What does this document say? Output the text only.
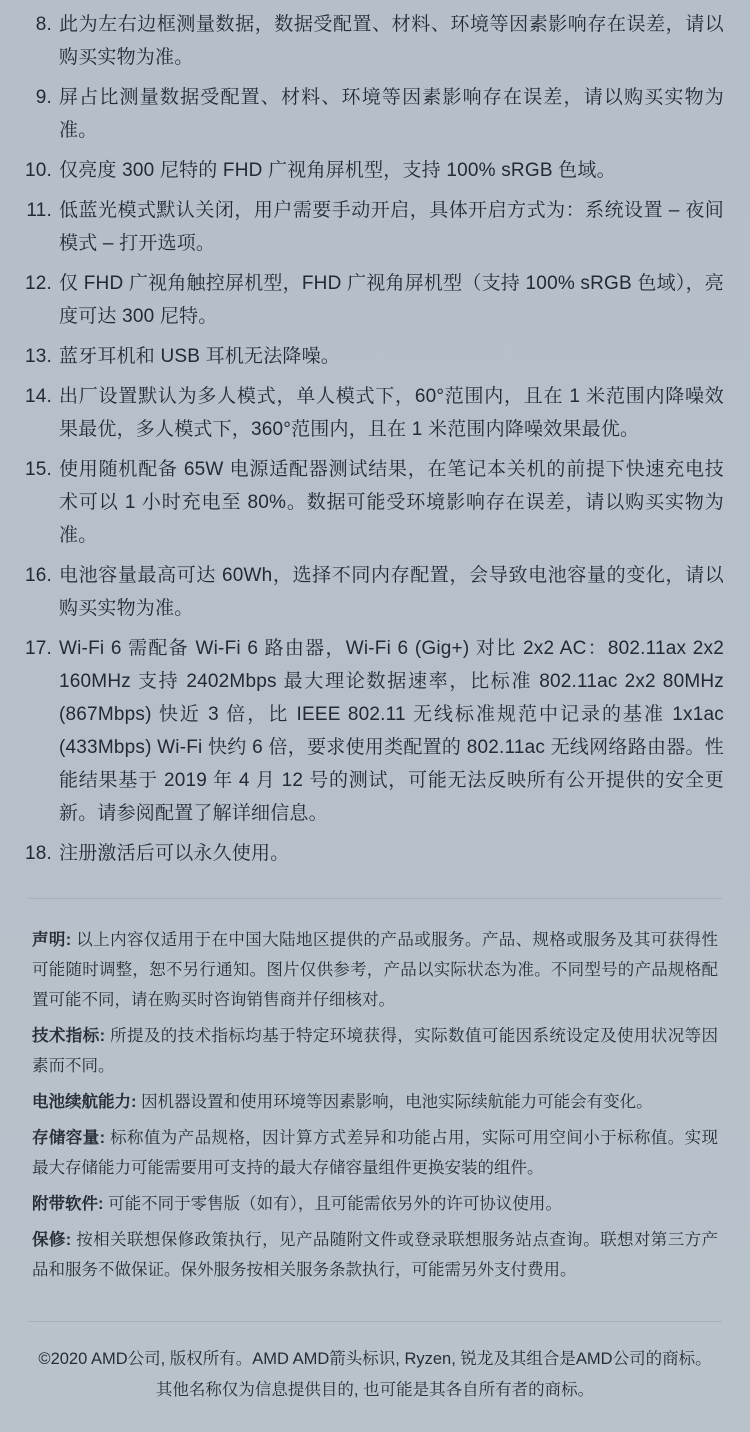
8. 此为左右边框测量数据，数据受配置、材料、环境等因素影响存在误差，请以购买实物为准。
9. 屏占比测量数据受配置、材料、环境等因素影响存在误差，请以购买实物为准。
10. 仅亮度 300 尼特的 FHD 广视角屏机型，支持 100% sRGB 色域。
11. 低蓝光模式默认关闭，用户需要手动开启，具体开启方式为：系统设置 – 夜间模式 – 打开选项。
12. 仅 FHD 广视角触控屏机型，FHD 广视角屏机型（支持 100% sRGB 色域），亮度可达 300 尼特。
13. 蓝牙耳机和 USB 耳机无法降噪。
14. 出厂设置默认为多人模式，单人模式下，60°范围内，且在 1 米范围内降噪效果最优，多人模式下，360°范围内，且在 1 米范围内降噪效果最优。
15. 使用随机配备 65W 电源适配器测试结果，在笔记本关机的前提下快速充电技术可以 1 小时充电至 80%。数据可能受环境影响存在误差，请以购买实物为准。
16. 电池容量最高可达 60Wh，选择不同内存配置，会导致电池容量的变化，请以购买实物为准。
17. Wi-Fi 6 需配备 Wi-Fi 6 路由器，Wi-Fi 6 (Gig+) 对比 2x2 AC：802.11ax 2x2 160MHz 支持 2402Mbps 最大理论数据速率，比标准 802.11ac 2x2 80MHz (867Mbps) 快近 3 倍，比 IEEE 802.11 无线标准规范中记录的基准 1x1ac (433Mbps) Wi-Fi 快约 6 倍，要求使用类配置的 802.11ac 无线网络路由器。性能结果基于 2019 年 4 月 12 号的测试，可能无法反映所有公开提供的安全更新。请参阅配置了解详细信息。
18. 注册激活后可以永久使用。
声明: 以上内容仅适用于在中国大陆地区提供的产品或服务。产品、规格或服务及其可获得性可能随时调整，恕不另行通知。图片仅供参考，产品以实际状态为准。不同型号的产品规格配置可能不同，请在购买时咨询销售商并仔细核对。
技术指标: 所提及的技术指标均基于特定环境获得，实际数值可能因系统设定及使用状况等因素而不同。
电池续航能力: 因机器设置和使用环境等因素影响，电池实际续航能力可能会有变化。
存储容量: 标称值为产品规格，因计算方式差异和功能占用，实际可用空间小于标称值。实现最大存储能力可能需要用可支持的最大存储容量组件更换安装的组件。
附带软件: 可能不同于零售版（如有），且可能需依另外的许可协议使用。
保修: 按相关联想保修政策执行，见产品随附文件或登录联想服务站点查询。联想对第三方产品和服务不做保证。保外服务按相关服务条款执行，可能需另外支付费用。
©2020 AMD公司, 版权所有。AMD AMD箭头标识, Ryzen, 锐龙及其组合是AMD公司的商标。
其他名称仅为信息提供目的, 也可能是其各自所有者的商标。
